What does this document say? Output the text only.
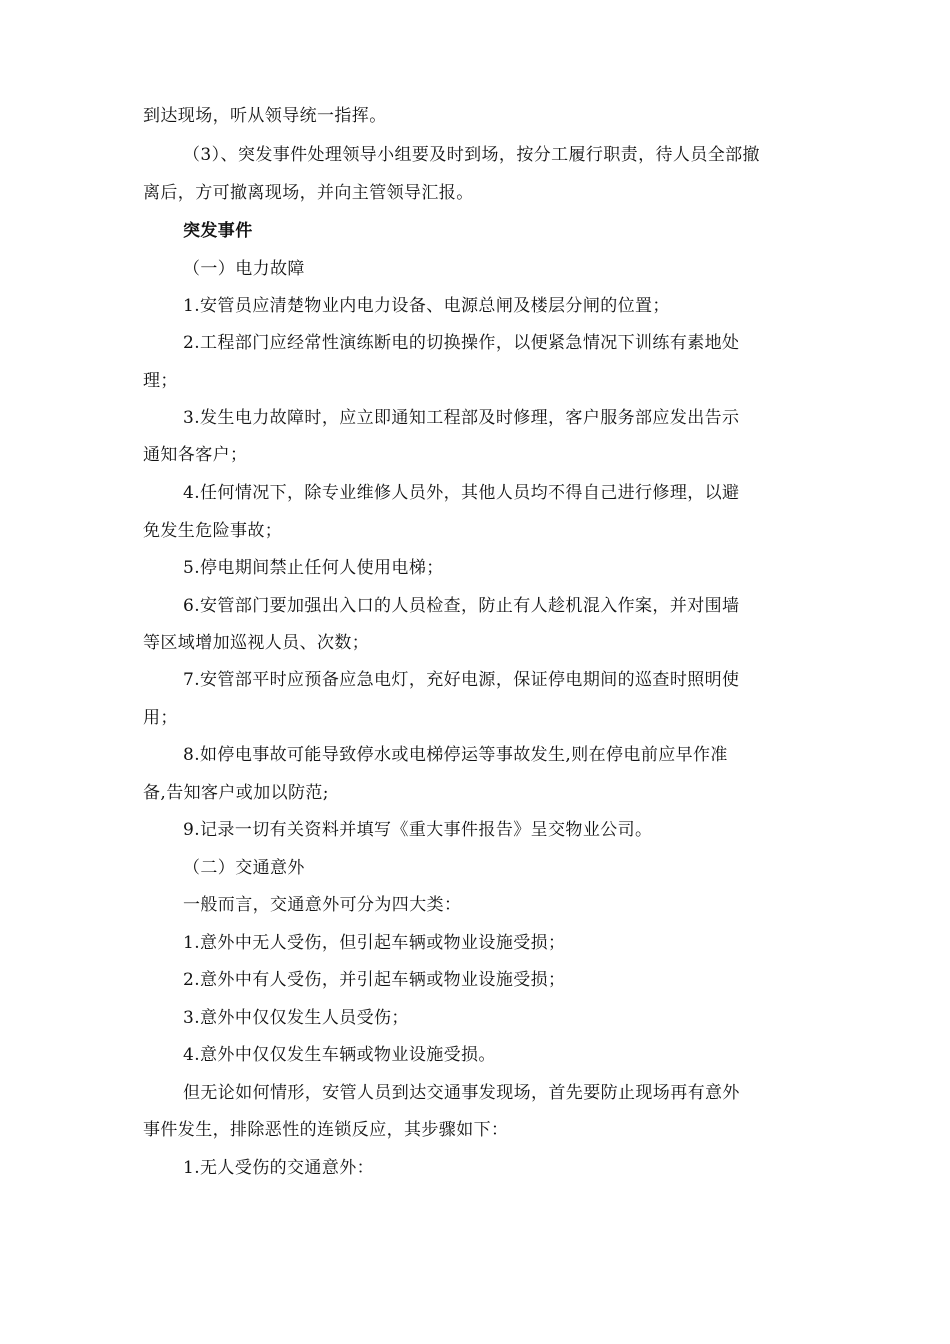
到达现场，听从领导统一指挥。
（3）、突发事件处理领导小组要及时到场，按分工履行职责，待人员全部撤
离后，方可撤离现场，并向主管领导汇报。
突发事件
（一）电力故障
1.安管员应清楚物业内电力设备、电源总闸及楼层分闸的位置；
2.工程部门应经常性演练断电的切换操作，以便紧急情况下训练有素地处
理；
3.发生电力故障时，应立即通知工程部及时修理，客户服务部应发出告示
通知各客户；
4.任何情况下，除专业维修人员外，其他人员均不得自己进行修理，以避
免发生危险事故；
5.停电期间禁止任何人使用电梯；
6.安管部门要加强出入口的人员检查，防止有人趁机混入作案，并对围墙
等区域增加巡视人员、次数；
7.安管部平时应预备应急电灯，充好电源，保证停电期间的巡查时照明使
用；
8.如停电事故可能导致停水或电梯停运等事故发生,则在停电前应早作准
备,告知客户或加以防范;
9.记录一切有关资料并填写《重大事件报告》呈交物业公司。
（二）交通意外
一般而言，交通意外可分为四大类：
1.意外中无人受伤，但引起车辆或物业设施受损；
2.意外中有人受伤，并引起车辆或物业设施受损；
3.意外中仅仅发生人员受伤；
4.意外中仅仅发生车辆或物业设施受损。
但无论如何情形，安管人员到达交通事发现场，首先要防止现场再有意外
事件发生，排除恶性的连锁反应，其步骤如下：
1.无人受伤的交通意外：
